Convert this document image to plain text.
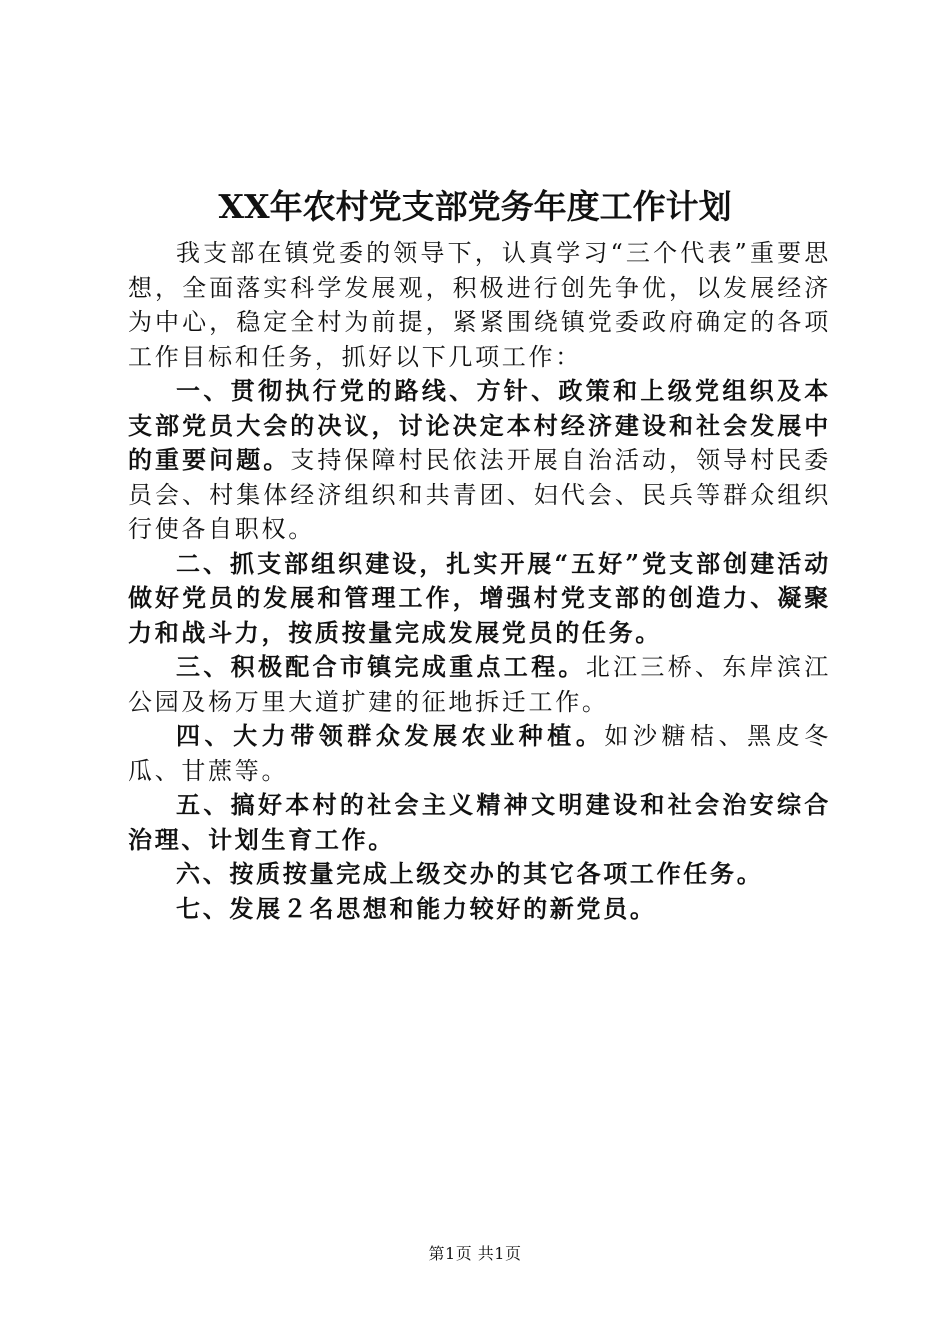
XX年农村党支部党务年度工作计划

我支部在镇党委的领导下，认真学习“三个代表”重要思想，全面落实科学发展观，积极进行创先争优，以发展经济为中心，稳定全村为前提，紧紧围绕镇党委政府确定的各项工作目标和任务，抓好以下几项工作：

一、贯彻执行党的路线、方针、政策和上级党组织及本支部党员大会的决议，讨论决定本村经济建设和社会发展中的重要问题。支持保障村民依法开展自治活动，领导村民委员会、村集体经济组织和共青团、妇代会、民兵等群众组织行使各自职权。

二、抓支部组织建设，扎实开展“五好”党支部创建活动做好党员的发展和管理工作，增强村党支部的创造力、凝聚力和战斗力，按质按量完成发展党员的任务。

三、积极配合市镇完成重点工程。北江三桥、东岸滨江公园及杨万里大道扩建的征地拆迁工作。

四、大力带领群众发展农业种植。如沙糖桔、黑皮冬瓜、甘蔗等。

五、搞好本村的社会主义精神文明建设和社会治安综合治理、计划生育工作。

六、按质按量完成上级交办的其它各项工作任务。

七、发展２名思想和能力较好的新党员。

第1页 共1页
